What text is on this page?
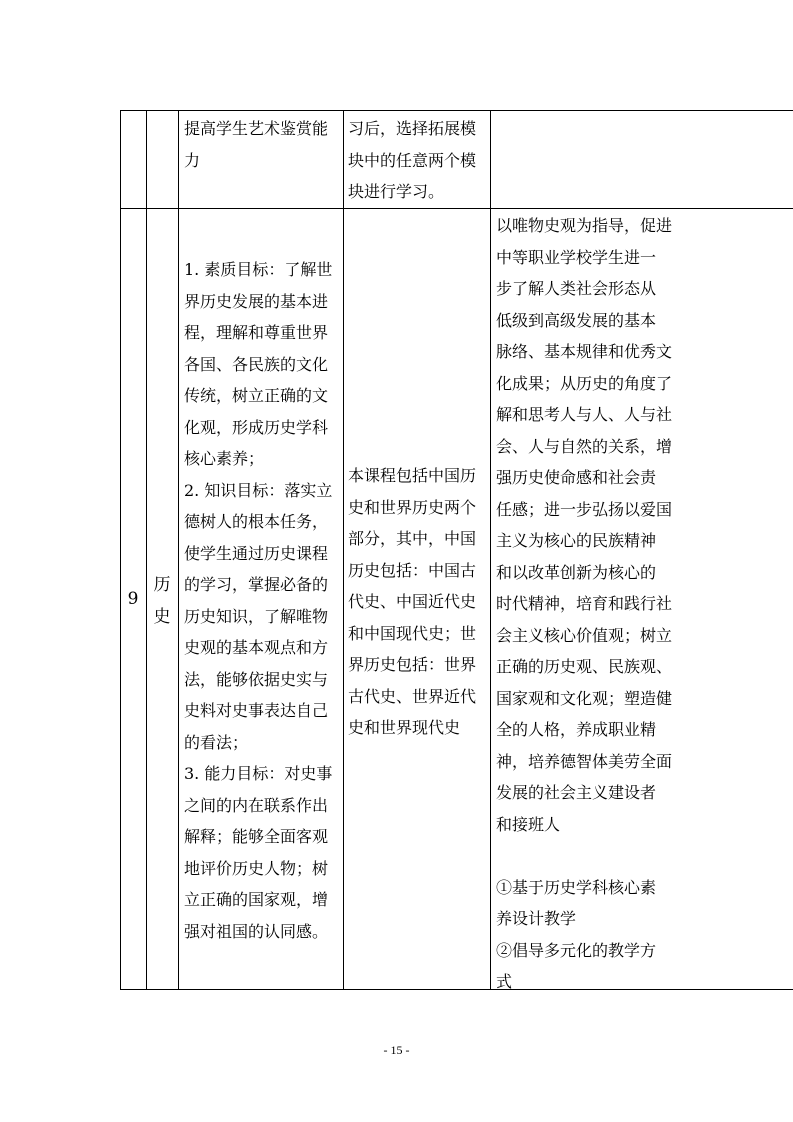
提高学生艺术鉴赏能
力
习后，选择拓展模
块中的任意两个模
块进行学习。
9
历
史
1. 素质目标：了解世
界历史发展的基本进
程，理解和尊重世界
各国、各民族的文化
传统，树立正确的文
化观，形成历史学科
核心素养；
2. 知识目标：落实立
德树人的根本任务，
使学生通过历史课程
的学习，掌握必备的
历史知识，了解唯物
史观的基本观点和方
法，能够依据史实与
史料对史事表达自己
的看法；
3. 能力目标：对史事
之间的内在联系作出
解释；能够全面客观
地评价历史人物；树
立正确的国家观，增
强对祖国的认同感。
本课程包括中国历
史和世界历史两个
部分，其中，中国
历史包括：中国古
代史、中国近代史
和中国现代史；世
界历史包括：世界
古代史、世界近代
史和世界现代史
以唯物史观为指导，促进
中等职业学校学生进一
步了解人类社会形态从
低级到高级发展的基本
脉络、基本规律和优秀文
化成果；从历史的角度了
解和思考人与人、人与社
会、人与自然的关系，增
强历史使命感和社会责
任感；进一步弘扬以爱国
主义为核心的民族精神
和以改革创新为核心的
时代精神，培育和践行社
会主义核心价值观；树立
正确的历史观、民族观、
国家观和文化观；塑造健
全的人格，养成职业精
神，培养德智体美劳全面
发展的社会主义建设者
和接班人
①基于历史学科核心素
养设计教学
②倡导多元化的教学方
式
- 15 -
